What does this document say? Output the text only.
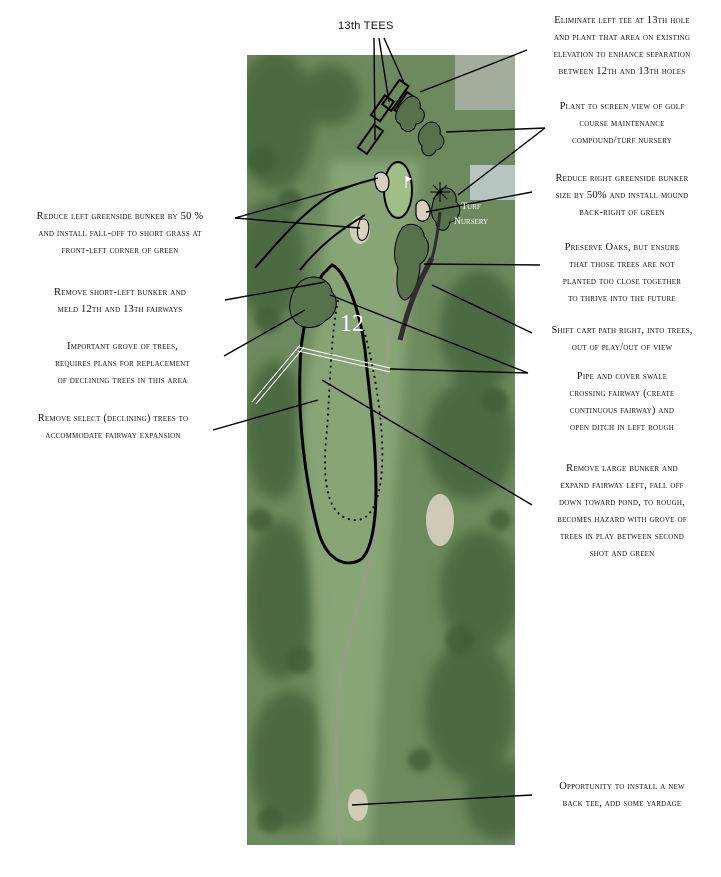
13th TEES
12
Turf
Nursery
Eliminate left tee at 13th hole
and plant that area on existing
elevation to enhance separation
between 12th and 13th holes
Plant to screen view of golf
course maintenance
compound/turf nursery
Reduce right greenside bunker
size by 50% and install mound
back-right of green
Preserve Oaks, but ensure
that those trees are not
planted too close together
to thrive into the future
Shift cart path right, into trees,
out of play/out of view
Pipe and cover swale
crossing fairway (create
continuous fairway) and
open ditch in left rough
Remove large bunker and
expand fairway left, fall off
down toward pond, to rough,
becomes hazard with grove of
trees in play between second
shot and green
Opportunity to install a new
back tee, add some yardage
Reduce left greenside bunker by 50 %
and install fall-off to short grass at
front-left corner of green
Remove short-left bunker and
meld 12th and 13th fairways
Important grove of trees,
requires plans for replacement
of declining trees in this area
Remove select (declining) trees to
accommodate fairway expansion
